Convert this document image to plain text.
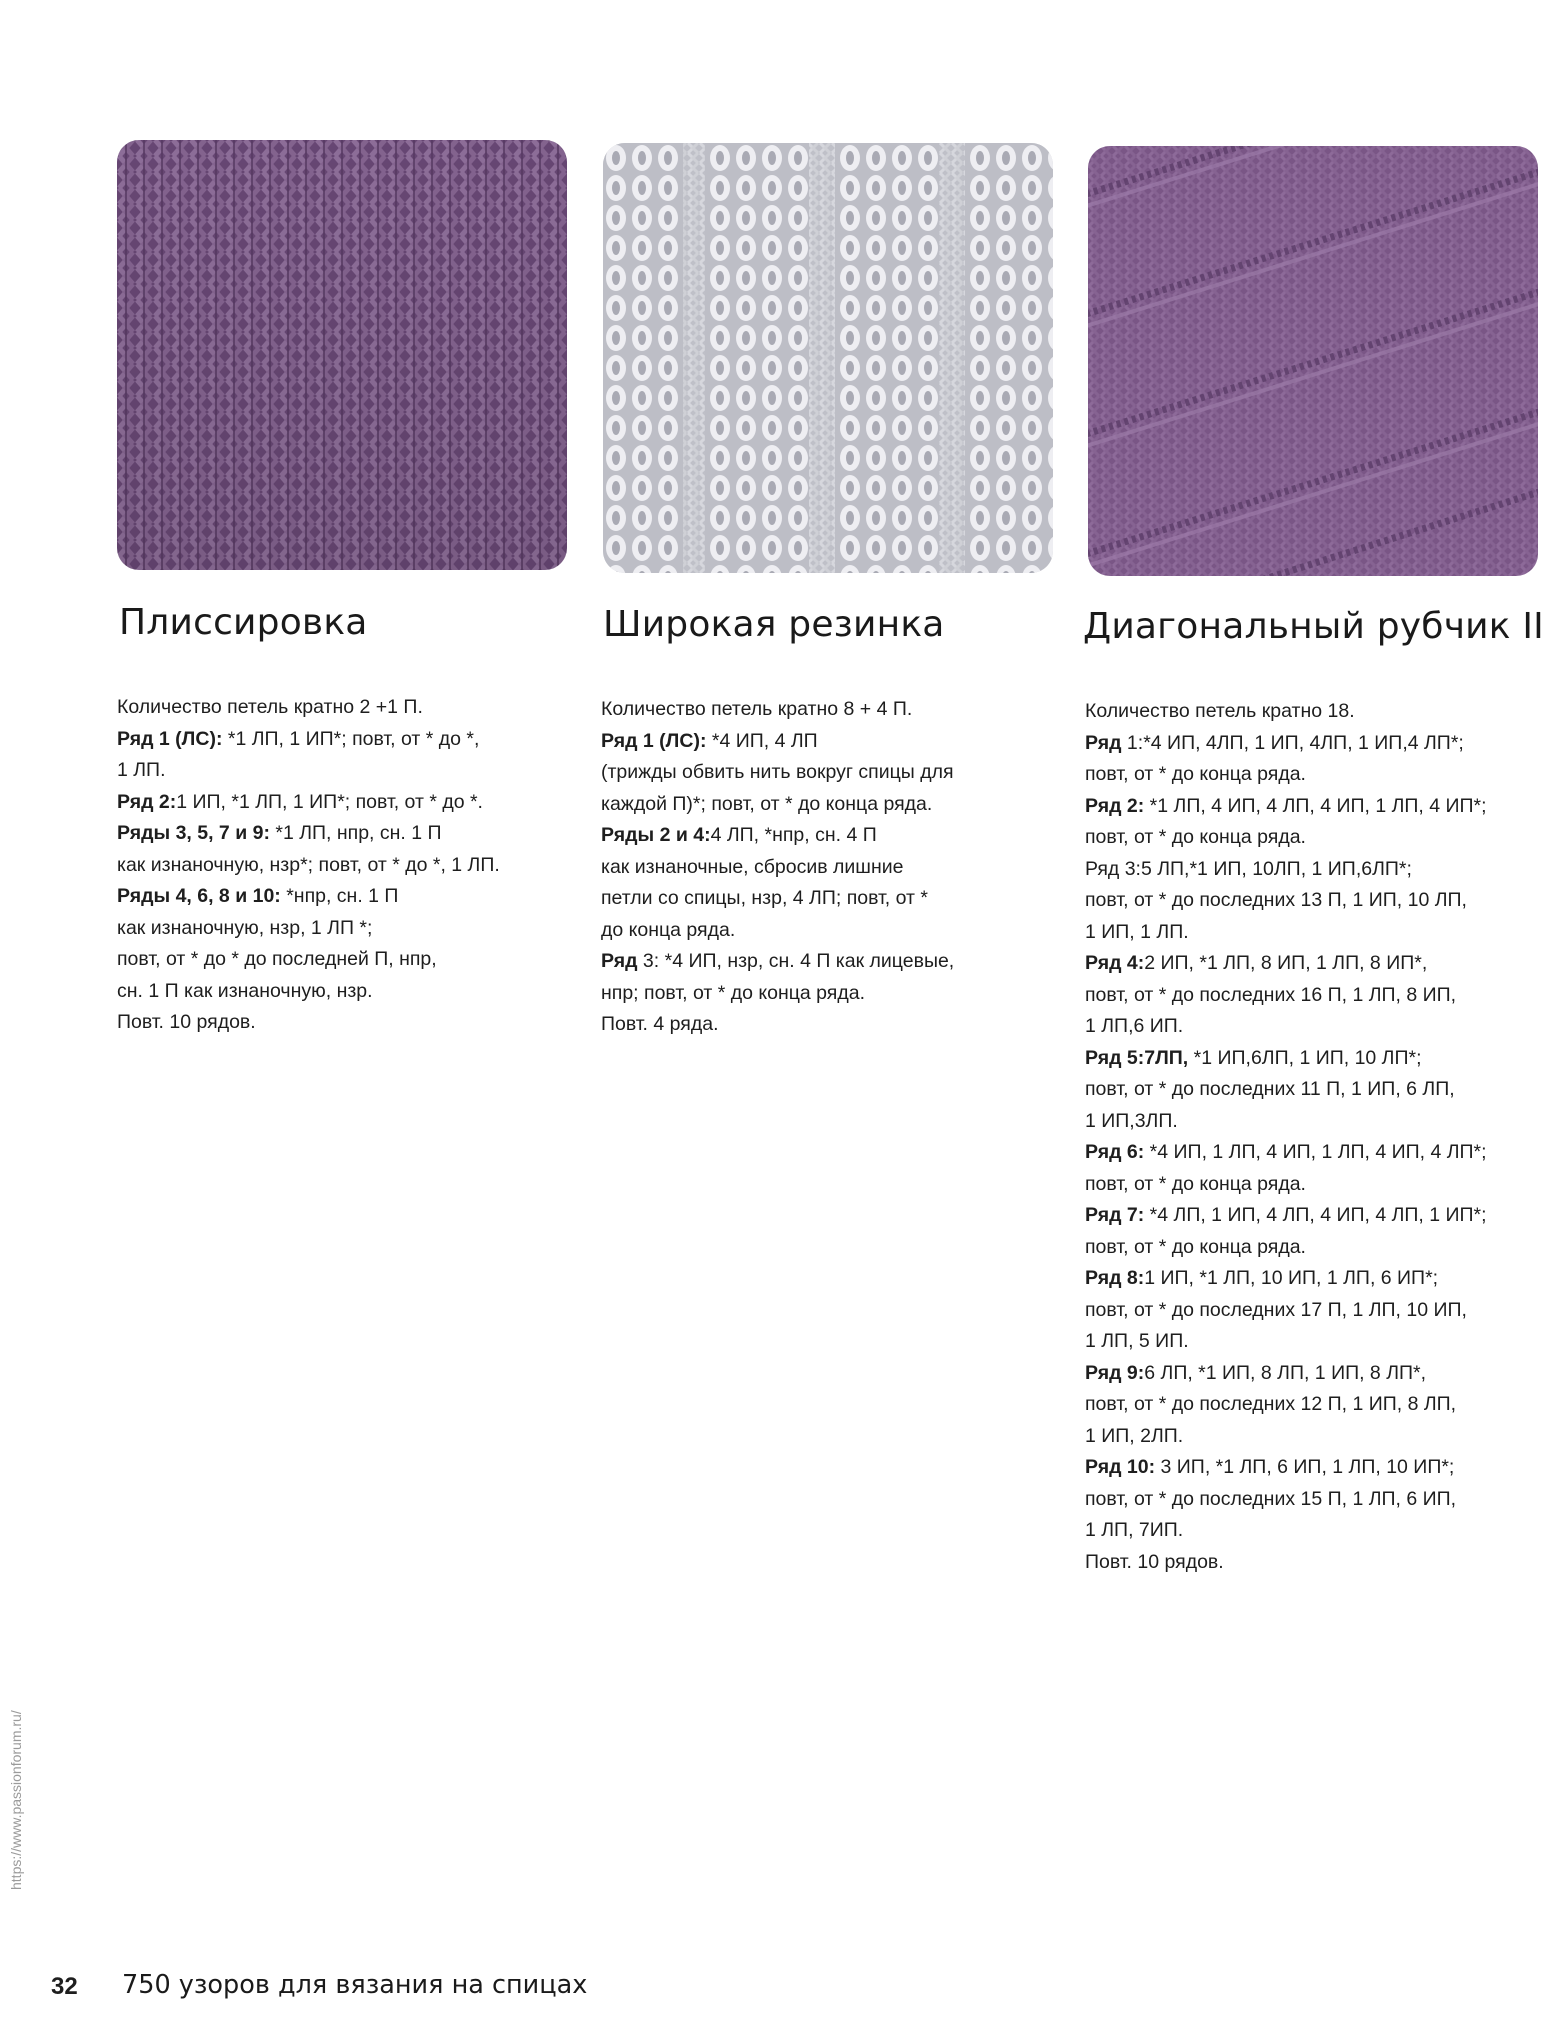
Плиссировка

Количество петель кратно 2 +1 П.

Ряд 1 (ЛС): *1 ЛП, 1 ИП*; повт, от * до *,

1 ЛП.

Ряд 2:1 ИП, *1 ЛП, 1 ИП*; повт, от * до *.

Ряды 3, 5, 7 и 9: *1 ЛП, нпр, сн. 1 П

как изнаночную, нзр*; повт, от * до *, 1 ЛП.

Ряды 4, 6, 8 и 10: *нпр, сн. 1 П

как изнаночную, нзр, 1 ЛП *;

повт, от * до * до последней П, нпр,

сн. 1 П как изнаночную, нзр.

Повт. 10 рядов.

Широкая резинка

Количество петель кратно 8 + 4 П.

Ряд 1 (ЛС): *4 ИП, 4 ЛП

(трижды обвить нить вокруг спицы для

каждой П)*; повт, от * до конца ряда.

Ряды 2 и 4:4 ЛП, *нпр, сн. 4 П

как изнаночные, сбросив лишние

петли со спицы, нзр, 4 ЛП; повт, от *

до конца ряда.

Ряд 3: *4 ИП, нзр, сн. 4 П как лицевые,

нпр; повт, от * до конца ряда.

Повт. 4 ряда.

Диагональный рубчик II

Количество петель кратно 18.

Ряд 1:*4 ИП, 4ЛП, 1 ИП, 4ЛП, 1 ИП,4 ЛП*;

повт, от * до конца ряда.

Ряд 2: *1 ЛП, 4 ИП, 4 ЛП, 4 ИП, 1 ЛП, 4 ИП*;

повт, от * до конца ряда.

Ряд 3:5 ЛП,*1 ИП, 10ЛП, 1 ИП,6ЛП*;

повт, от * до последних 13 П, 1 ИП, 10 ЛП,

1 ИП, 1 ЛП.

Ряд 4:2 ИП, *1 ЛП, 8 ИП, 1 ЛП, 8 ИП*,

повт, от * до последних 16 П, 1 ЛП, 8 ИП,

1 ЛП,6 ИП.

Ряд 5:7ЛП, *1 ИП,6ЛП, 1 ИП, 10 ЛП*;

повт, от * до последних 11 П, 1 ИП, 6 ЛП,

1 ИП,3ЛП.

Ряд 6: *4 ИП, 1 ЛП, 4 ИП, 1 ЛП, 4 ИП, 4 ЛП*;

повт, от * до конца ряда.

Ряд 7: *4 ЛП, 1 ИП, 4 ЛП, 4 ИП, 4 ЛП, 1 ИП*;

повт, от * до конца ряда.

Ряд 8:1 ИП, *1 ЛП, 10 ИП, 1 ЛП, 6 ИП*;

повт, от * до последних 17 П, 1 ЛП, 10 ИП,

1 ЛП, 5 ИП.

Ряд 9:6 ЛП, *1 ИП, 8 ЛП, 1 ИП, 8 ЛП*,

повт, от * до последних 12 П, 1 ИП, 8 ЛП,

1 ИП, 2ЛП.

Ряд 10: 3 ИП, *1 ЛП, 6 ИП, 1 ЛП, 10 ИП*;

повт, от * до последних 15 П, 1 ЛП, 6 ИП,

1 ЛП, 7ИП.

Повт. 10 рядов.

https://www.passionforum.ru/
32 750 узоров для вязания на спицах
